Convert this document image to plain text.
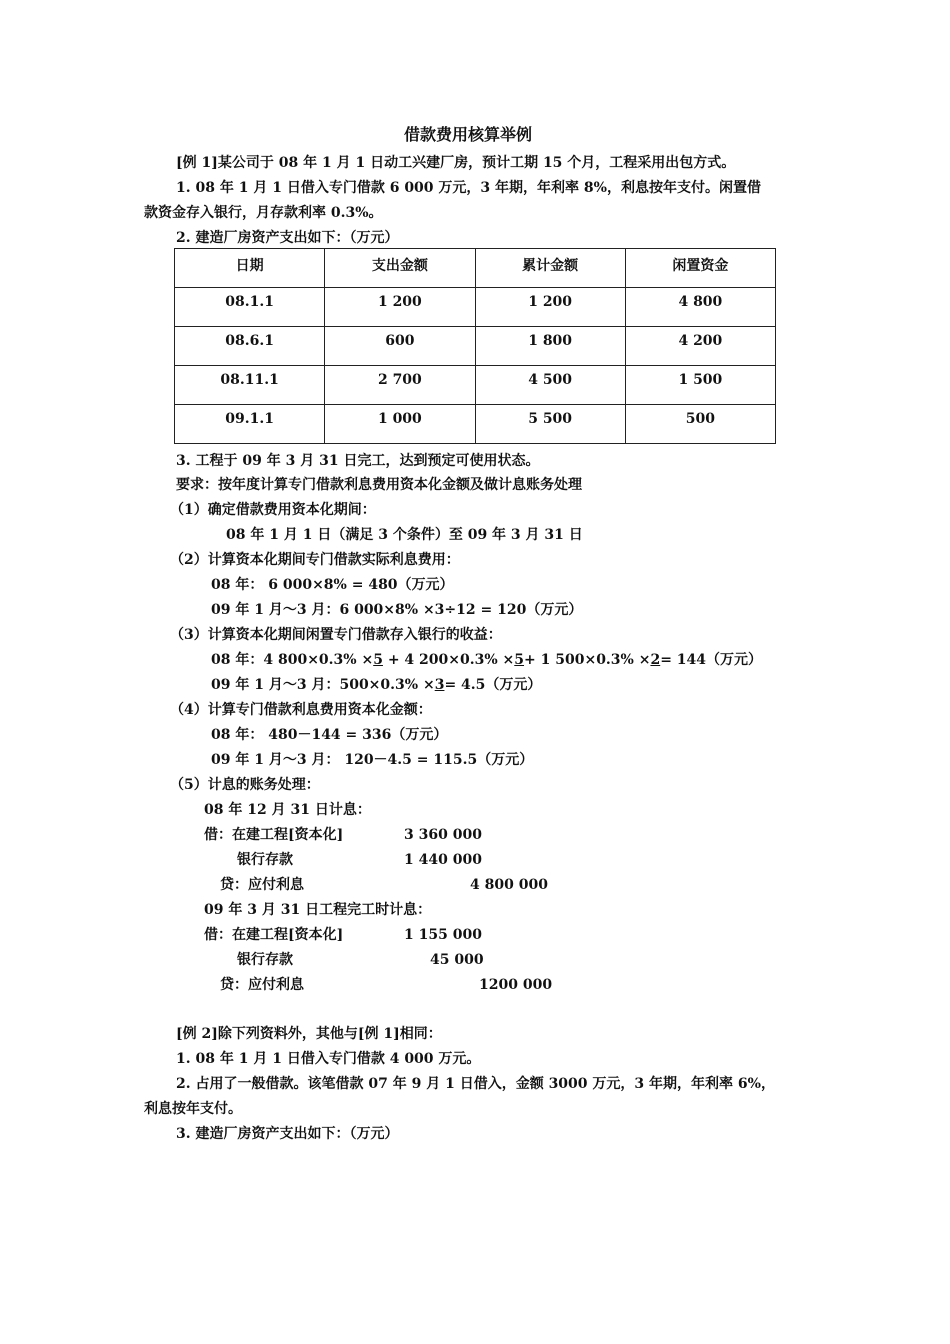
借款费用核算举例
[例 1]某公司于 08 年 1 月 1 日动工兴建厂房，预计工期 15 个月，工程采用出包方式。
1. 08 年 1 月 1 日借入专门借款 6 000 万元，3 年期，年利率 8%，利息按年支付。闲置借
款资金存入银行，月存款利率 0.3%。
2. 建造厂房资产支出如下：（万元）
日期	支出金额	累计金额	闲置资金
08.1.1	1 200	1 200	4 800
08.6.1	600	1 800	4 200
08.11.1	2 700	4 500	1 500
09.1.1	1 000	5 500	500
3. 工程于 09 年 3 月 31 日完工，达到预定可使用状态。
要求：按年度计算专门借款利息费用资本化金额及做计息账务处理
（1）确定借款费用资本化期间：
08 年 1 月 1 日（满足 3 个条件）至 09 年 3 月 31 日
（2）计算资本化期间专门借款实际利息费用：
08 年： 6 000×8% = 480（万元）
09 年 1 月～3 月：6 000×8% ×3÷12 = 120（万元）
（3）计算资本化期间闲置专门借款存入银行的收益：
08 年：4 800×0.3% ×5 + 4 200×0.3% ×5+ 1 500×0.3% ×2= 144（万元）
09 年 1 月～3 月：500×0.3% ×3= 4.5（万元）
（4）计算专门借款利息费用资本化金额：
08 年： 480－144 = 336（万元）
09 年 1 月～3 月： 120－4.5 = 115.5（万元）
（5）计息的账务处理：
08 年 12 月 31 日计息：
借：在建工程[资本化]	3 360 000
银行存款	1 440 000
贷：应付利息	4 800 000
09 年 3 月 31 日工程完工时计息：
借：在建工程[资本化]	1 155 000
银行存款	45 000
贷：应付利息	1200 000
[例 2]除下列资料外，其他与[例 1]相同：
1. 08 年 1 月 1 日借入专门借款 4 000 万元。
2. 占用了一般借款。该笔借款 07 年 9 月 1 日借入，金额 3000 万元，3 年期，年利率 6%，
利息按年支付。
3. 建造厂房资产支出如下：（万元）
